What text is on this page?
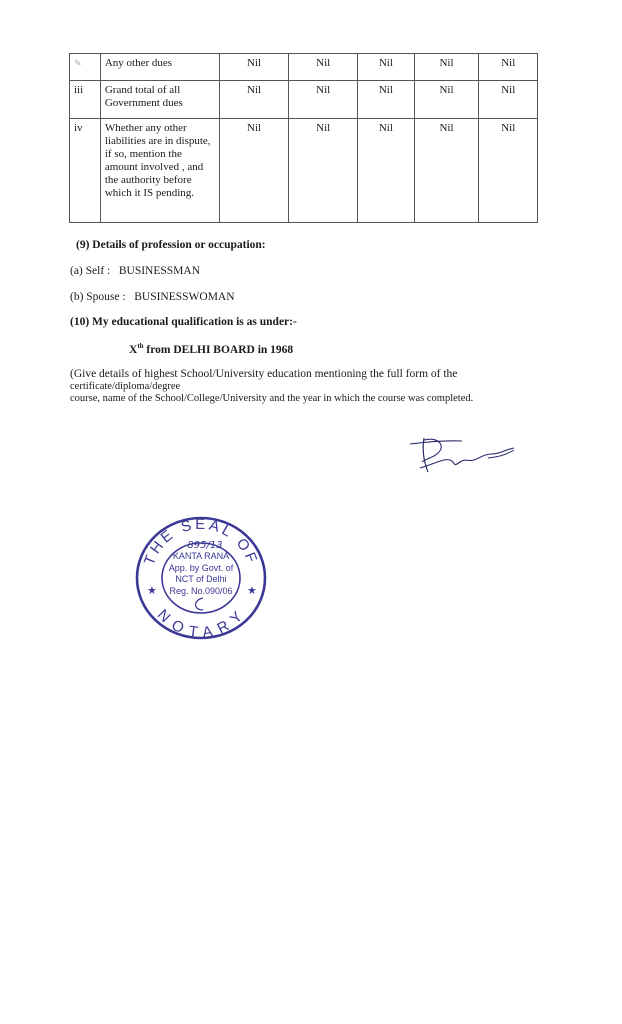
✎	Any other dues	Nil	Nil	Nil	Nil	Nil
iii	Grand total of all Government dues	Nil	Nil	Nil	Nil	Nil
iv	Whether any other liabilities are in dispute, if so, mention the amount involved , and the authority before which it IS pending.	Nil	Nil	Nil	Nil	Nil
(9) Details of profession or occupation:
(a) Self : BUSINESSMAN
(b) Spouse : BUSINESSWOMAN
(10) My educational qualification is as under:-
Xth from DELHI BOARD in 1968
(Give details of highest School/University education mentioning the full form of the
certificate/diploma/degree
course, name of the School/College/University and the year in which the course was completed.
THE SEAL OF
NOTARY
★	★
KANTA RANA
App. by Govt. of
NCT of Delhi
Reg. No.090/06
895/13
